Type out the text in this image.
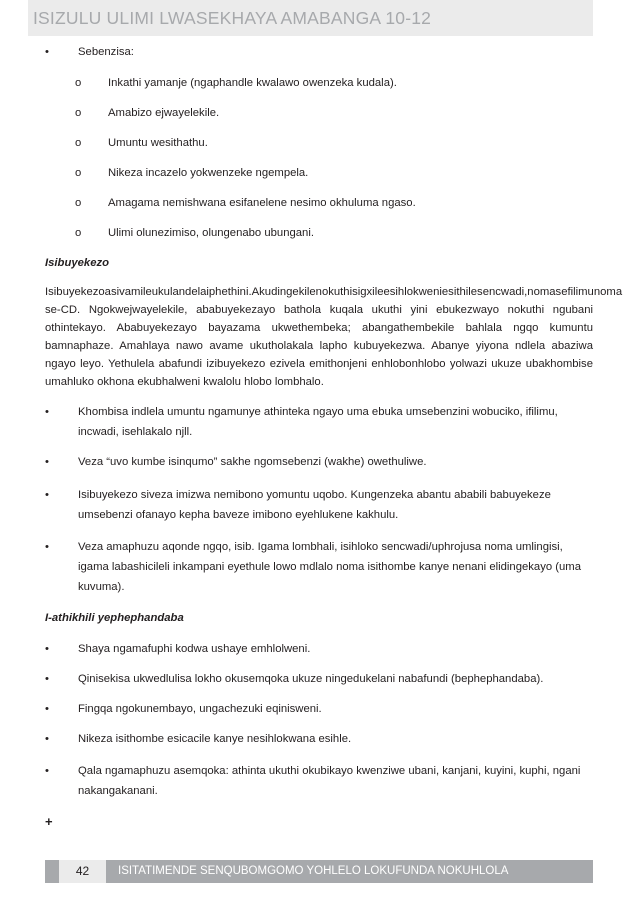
ISIZULU ULIMI LWASEKHAYA AMABANGA 10-12
•	Sebenzisa:
o Inkathi yamanje (ngaphandle kwalawo owenzeka kudala).
o Amabizo ejwayelekile.
o Umuntu wesithathu.
o Nikeza incazelo yokwenzeke ngempela.
o Amagama nemishwana esifanelene nesimo okhuluma ngaso.
o Ulimi olunezimiso, olungenabo ubungani.
Isibuyekezo
Isibuyekezoasivamileukulandelaiphethini.Akudingekilenokuthisigxileesihlokweniesithilesencwadi,nomasefilimunoma se-CD. Ngokwejwayelekile, ababuyekezayo bathola kuqala ukuthi yini ebukezwayo nokuthi ngubani othintekayo. Ababuyekezayo bayazama ukwethembeka; abangathembekile bahlala ngqo kumuntu bamnaphaze. Amahlaya nawo avame ukutholakala lapho kubuyekezwa. Abanye yiyona ndlela abaziwa ngayo leyo. Yethulela abafundi izibuyekezo ezivela emithonjeni enhlobonhlobo yolwazi ukuze ubakhombise umahluko okhona ekubhalweni kwalolu hlobo lombhalo.
•	Khombisa indlela umuntu ngamunye athinteka ngayo uma ebuka umsebenzini wobuciko, ifilimu, incwadi, isehlakalo njll.
•	Veza “uvo kumbe isinqumo” sakhe ngomsebenzi (wakhe) owethuliwe.
•	Isibuyekezo siveza imizwa nemibono yomuntu uqobo. Kungenzeka abantu ababili babuyekeze umsebenzi ofanayo kepha baveze imibono eyehlukene kakhulu.
•	Veza amaphuzu aqonde ngqo, isib. Igama lombhali, isihloko sencwadi/uphrojusa noma umlingisi, igama labashicileli inkampani eyethule lowo mdlalo noma isithombe kanye nenani elidingekayo (uma kuvuma).
I-athikhili yephephandaba
•	Shaya ngamafuphi kodwa ushaye emhlolweni.
•	Qinisekisa ukwedlulisa lokho okusemqoka ukuze ningedukelani nabafundi (bephephandaba).
•	Fingqa ngokunembayo, ungachezuki eqinisweni.
•	Nikeza isithombe esicacile kanye nesihlokwana esihle.
•	Qala ngamaphuzu asemqoka: athinta ukuthi okubikayo kwenziwe ubani, kanjani, kuyini, kuphi, ngani nakangakanani.
+
42	ISITATIMENDE SENQUBOMGOMO YOHLELO LOKUFUNDA NOKUHLOLA
